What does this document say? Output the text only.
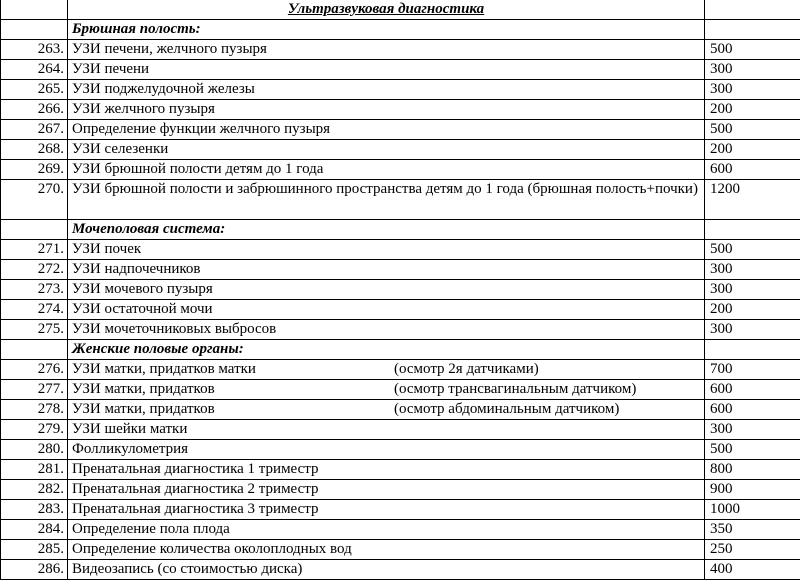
	Ультразвуковая диагностика	
	Брюшная полость:	
263.	УЗИ печени, желчного пузыря	500
264.	УЗИ печени	300
265.	УЗИ поджелудочной железы	300
266.	УЗИ желчного пузыря	200
267.	Определение функции желчного пузыря	500
268.	УЗИ селезенки	200
269.	УЗИ брюшной полости детям до 1 года	600
270.	УЗИ брюшной полости и забрюшинного пространства детям до 1 года (брюшная полость+почки)	1200
	Мочеполовая система:	
271.	УЗИ почек	500
272.	УЗИ надпочечников	300
273.	УЗИ мочевого пузыря	300
274.	УЗИ остаточной мочи	200
275.	УЗИ мочеточниковых выбросов	300
	Женские половые органы:	
276.	УЗИ матки, придатков матки (осмотр 2я датчиками)	700
277.	УЗИ матки, придатков (осмотр трансвагинальным датчиком)	600
278.	УЗИ матки, придатков (осмотр абдоминальным датчиком)	600
279.	УЗИ шейки матки	300
280.	Фолликулометрия	500
281.	Пренатальная диагностика 1 триместр	800
282.	Пренатальная диагностика 2 триместр	900
283.	Пренатальная диагностика 3 триместр	1000
284.	Определение пола плода	350
285.	Определение количества околоплодных вод	250
286.	Видеозапись (со стоимостью диска)	400
